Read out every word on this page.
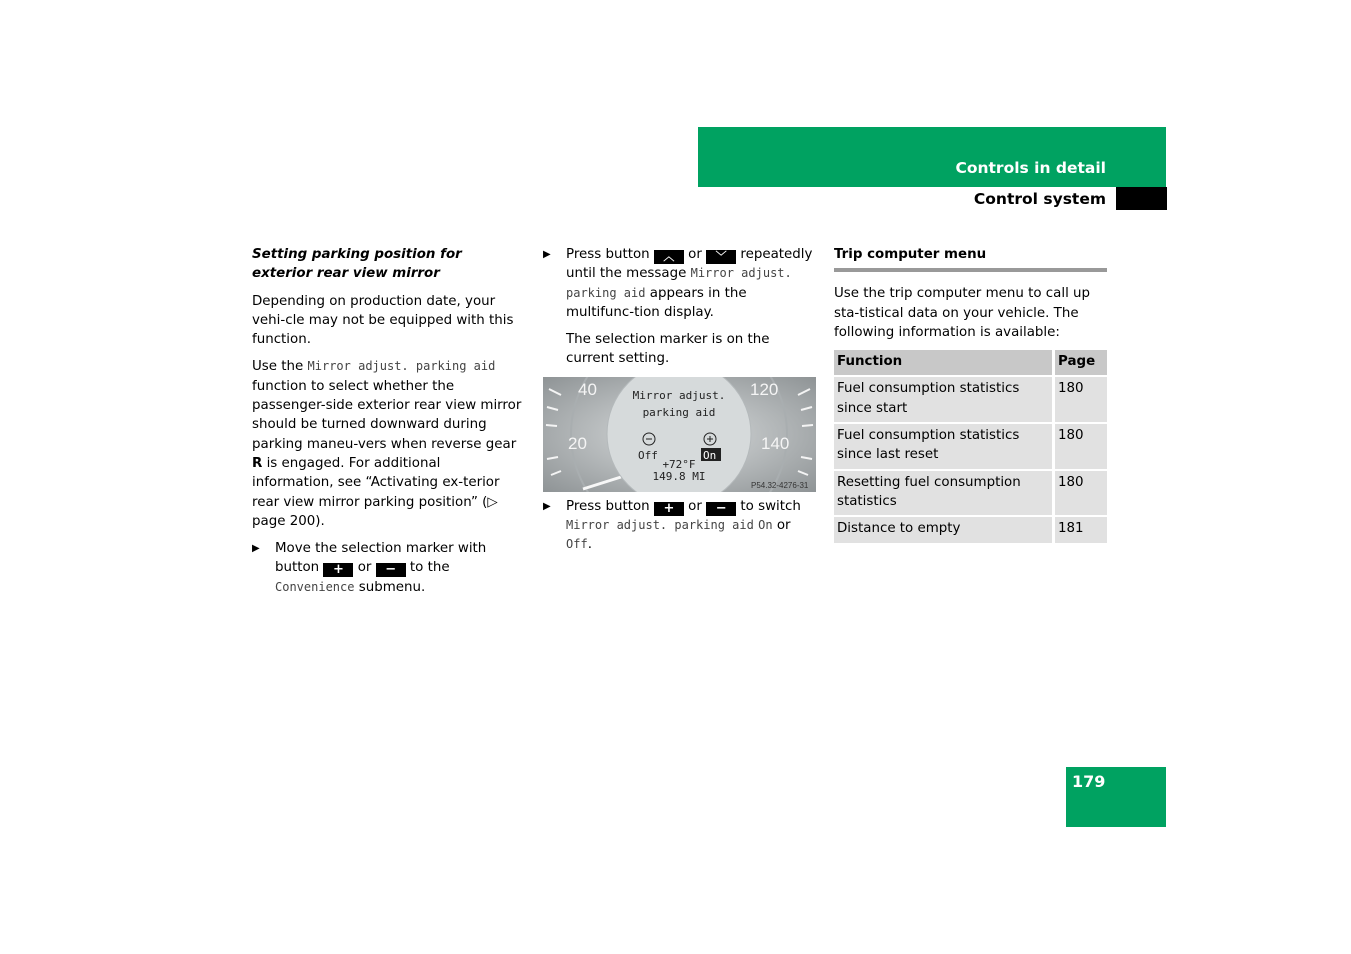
Controls in detail
Control system
179
Setting parking position for exterior rear view mirror

Depending on production date, your vehi-cle may not be equipped with this function.

Use the Mirror adjust. parking aid function to select whether the passenger-side exterior rear view mirror should be turned downward during parking maneu-vers when reverse gear R is engaged. For additional information, see “Activating ex-terior rear view mirror parking position” (▷ page 200).

▶ Move the selection marker with button + or − to the Convenience submenu.
▶ Press button ︿ or ﹀ repeatedly until the message Mirror adjust. parking aid appears in the multifunc-tion display.

The selection marker is on the current setting.

40
20
120
140
Mirror adjust.
parking aid
Off	On
+72°F
149.8 MI
P54.32-4276-31
▶ Press button + or − to switch Mirror adjust. parking aid On or Off.
Trip computer menu

Use the trip computer menu to call up sta-tistical data on your vehicle. The following information is available:

Function	Page
Fuel consumption statistics since start	180
Fuel consumption statistics since last reset	180
Resetting fuel consumption statistics	180
Distance to empty	181
